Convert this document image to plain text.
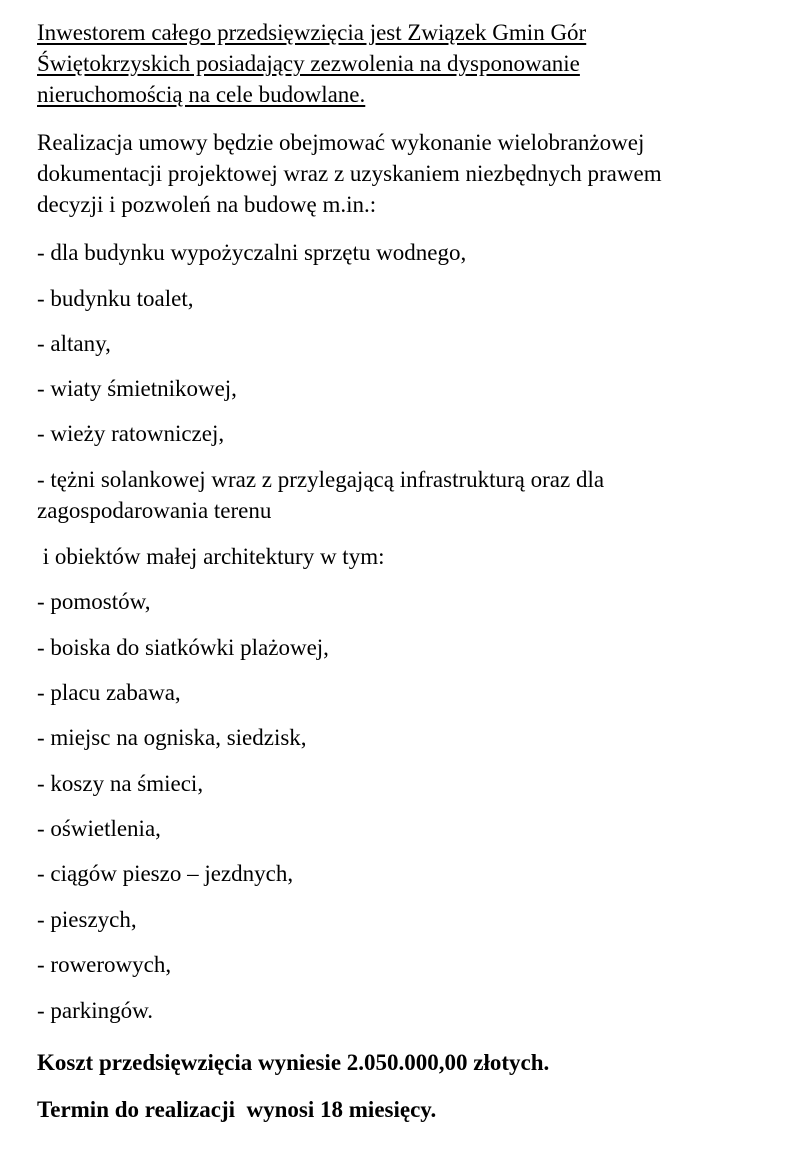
Inwestorem całego przedsięwzięcia jest Związek Gmin Gór
Świętokrzyskich posiadający zezwolenia na dysponowanie
nieruchomością na cele budowlane.
Realizacja umowy będzie obejmować wykonanie wielobranżowej
dokumentacji projektowej wraz z uzyskaniem niezbędnych prawem
decyzji i pozwoleń na budowę m.in.:
- dla budynku wypożyczalni sprzętu wodnego,
- budynku toalet,
- altany,
- wiaty śmietnikowej,
- wieży ratowniczej,
- tężni solankowej wraz z przylegającą infrastrukturą oraz dla
zagospodarowania terenu
i obiektów małej architektury w tym:
- pomostów,
- boiska do siatkówki plażowej,
- placu zabawa,
- miejsc na ogniska, siedzisk,
- koszy na śmieci,
- oświetlenia,
- ciągów pieszo – jezdnych,
- pieszych,
- rowerowych,
- parkingów.
Koszt przedsięwzięcia wyniesie 2.050.000,00 złotych.
Termin do realizacji  wynosi 18 miesięcy.
